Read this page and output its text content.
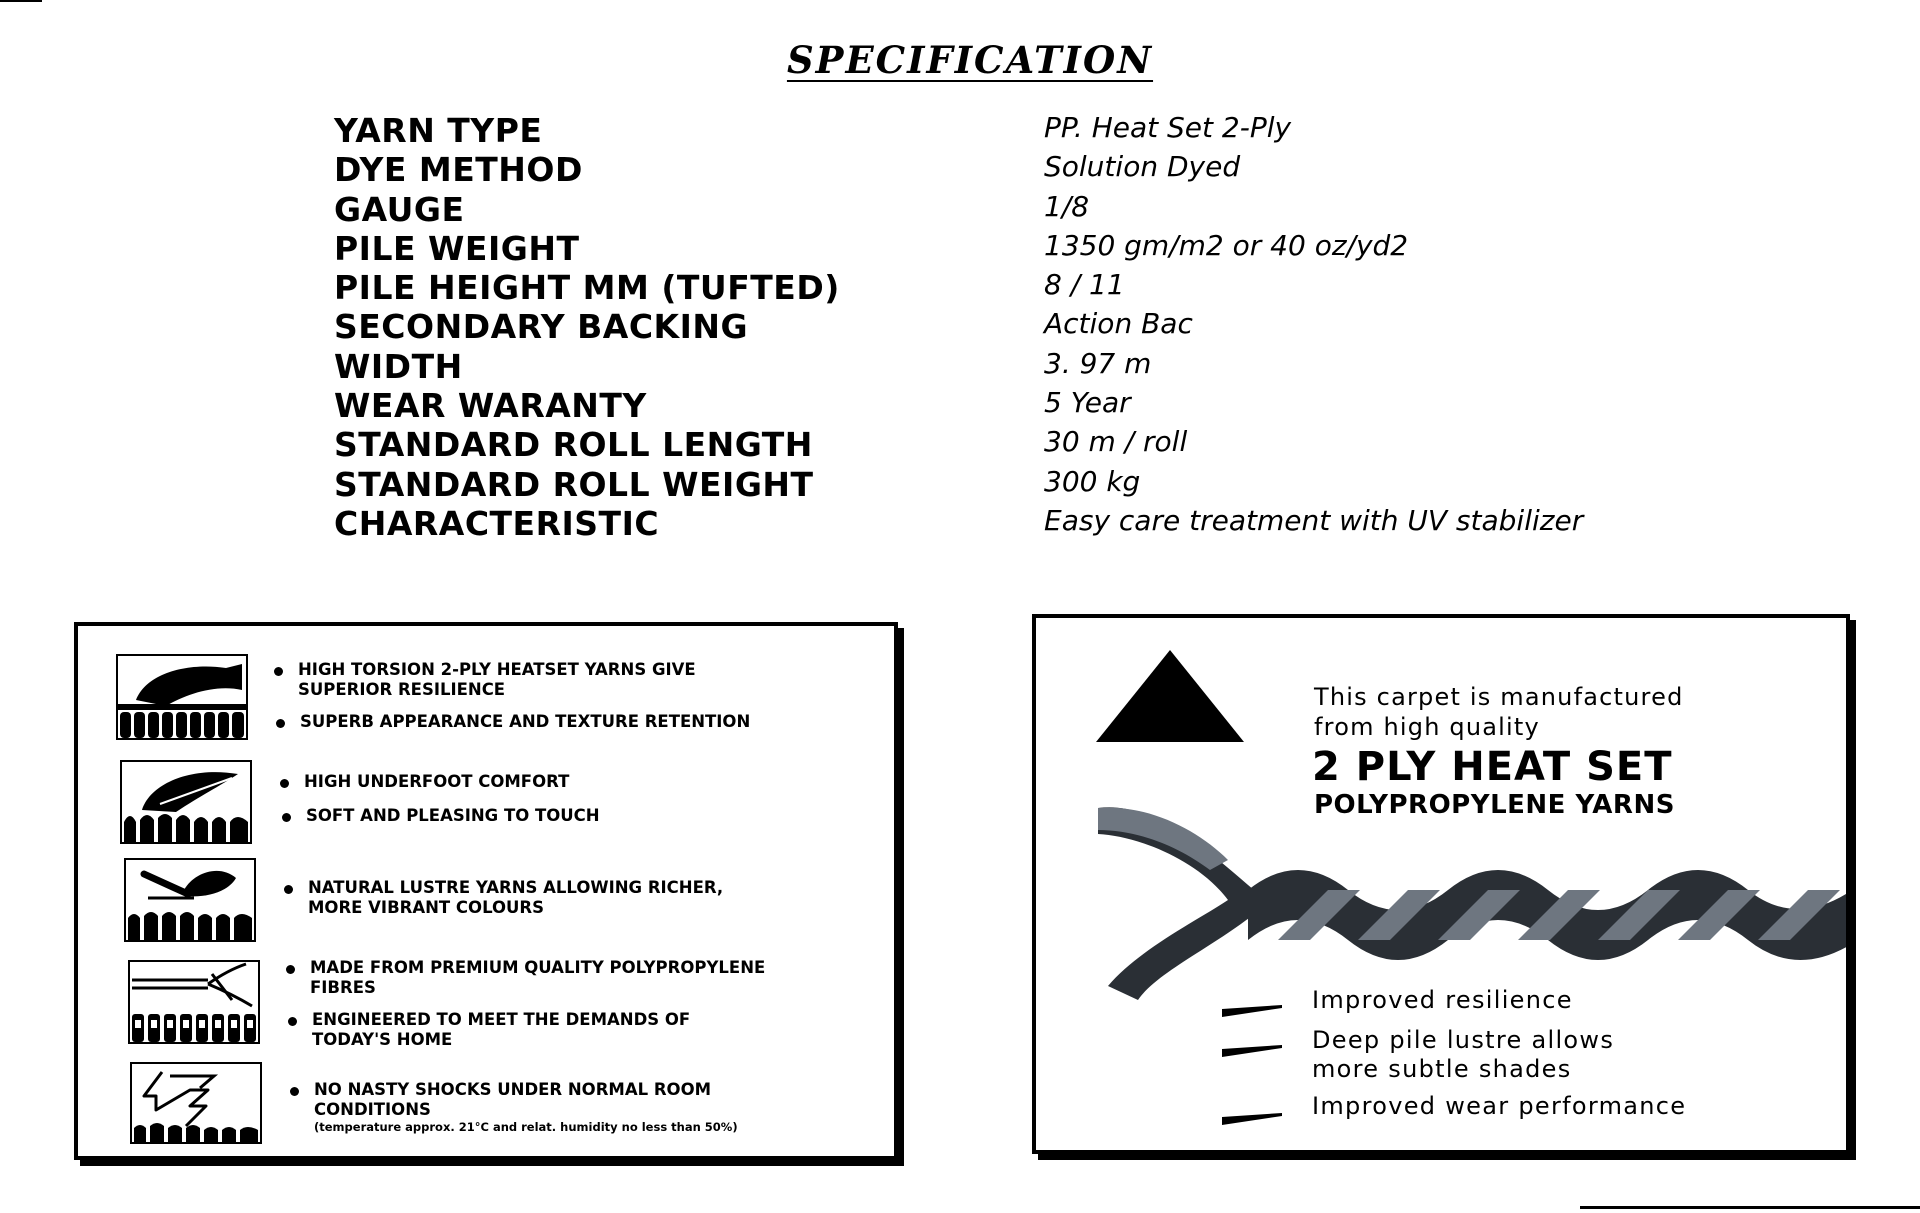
SPECIFICATION
YARN TYPE	PP. Heat Set 2-Ply
DYE METHOD	Solution Dyed
GAUGE	1/8
PILE WEIGHT	1350 gm/m2 or 40 oz/yd2
PILE HEIGHT MM (TUFTED)	8 / 11
SECONDARY BACKING	Action Bac
WIDTH	3. 97 m
WEAR WARANTY	5 Year
STANDARD ROLL LENGTH	30 m / roll
STANDARD ROLL WEIGHT	300 kg
CHARACTERISTIC	Easy care treatment with UV stabilizer
HIGH TORSION 2-PLY HEATSET YARNS GIVE
SUPERIOR RESILIENCE
SUPERB APPEARANCE AND TEXTURE RETENTION
HIGH UNDERFOOT COMFORT
SOFT AND PLEASING TO TOUCH
NATURAL LUSTRE YARNS ALLOWING RICHER,
MORE VIBRANT COLOURS
MADE FROM PREMIUM QUALITY POLYPROPYLENE
FIBRES
ENGINEERED TO MEET THE DEMANDS OF
TODAY'S HOME
NO NASTY SHOCKS UNDER NORMAL ROOM
CONDITIONS
(temperature approx. 21°C and relat. humidity no less than 50%)
This carpet is manufactured
from high quality
2 PLY HEAT SET
POLYPROPYLENE YARNS
Improved resilience
Deep pile lustre allows
more subtle shades
Improved wear performance
